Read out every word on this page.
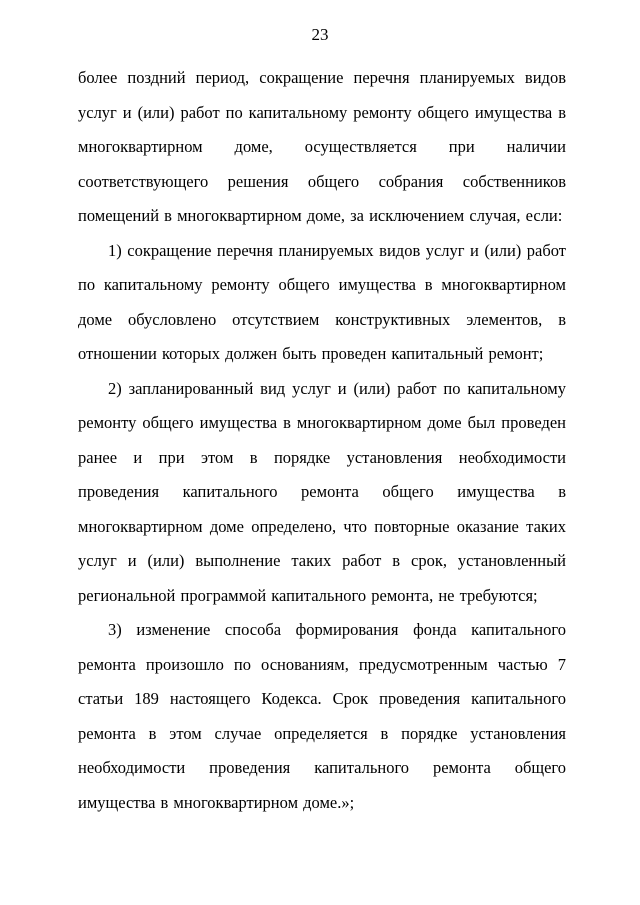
23

более поздний период, сокращение перечня планируемых видов услуг и (или) работ по капитальному ремонту общего имущества в многоквартирном доме, осуществляется при наличии соответствующего решения общего собрания собственников помещений в многоквартирном доме, за исключением случая, если:

1) сокращение перечня планируемых видов услуг и (или) работ по капитальному ремонту общего имущества в многоквартирном доме обусловлено отсутствием конструктивных элементов, в отношении которых должен быть проведен капитальный ремонт;

2) запланированный вид услуг и (или) работ по капитальному ремонту общего имущества в многоквартирном доме был проведен ранее и при этом в порядке установления необходимости проведения капитального ремонта общего имущества в многоквартирном доме определено, что повторные оказание таких услуг и (или) выполнение таких работ в срок, установленный региональной программой капитального ремонта, не требуются;

3) изменение способа формирования фонда капитального ремонта произошло по основаниям, предусмотренным частью 7 статьи 189 настоящего Кодекса. Срок проведения капитального ремонта в этом случае определяется в порядке установления необходимости проведения капитального ремонта общего имущества в многоквартирном доме.»;
